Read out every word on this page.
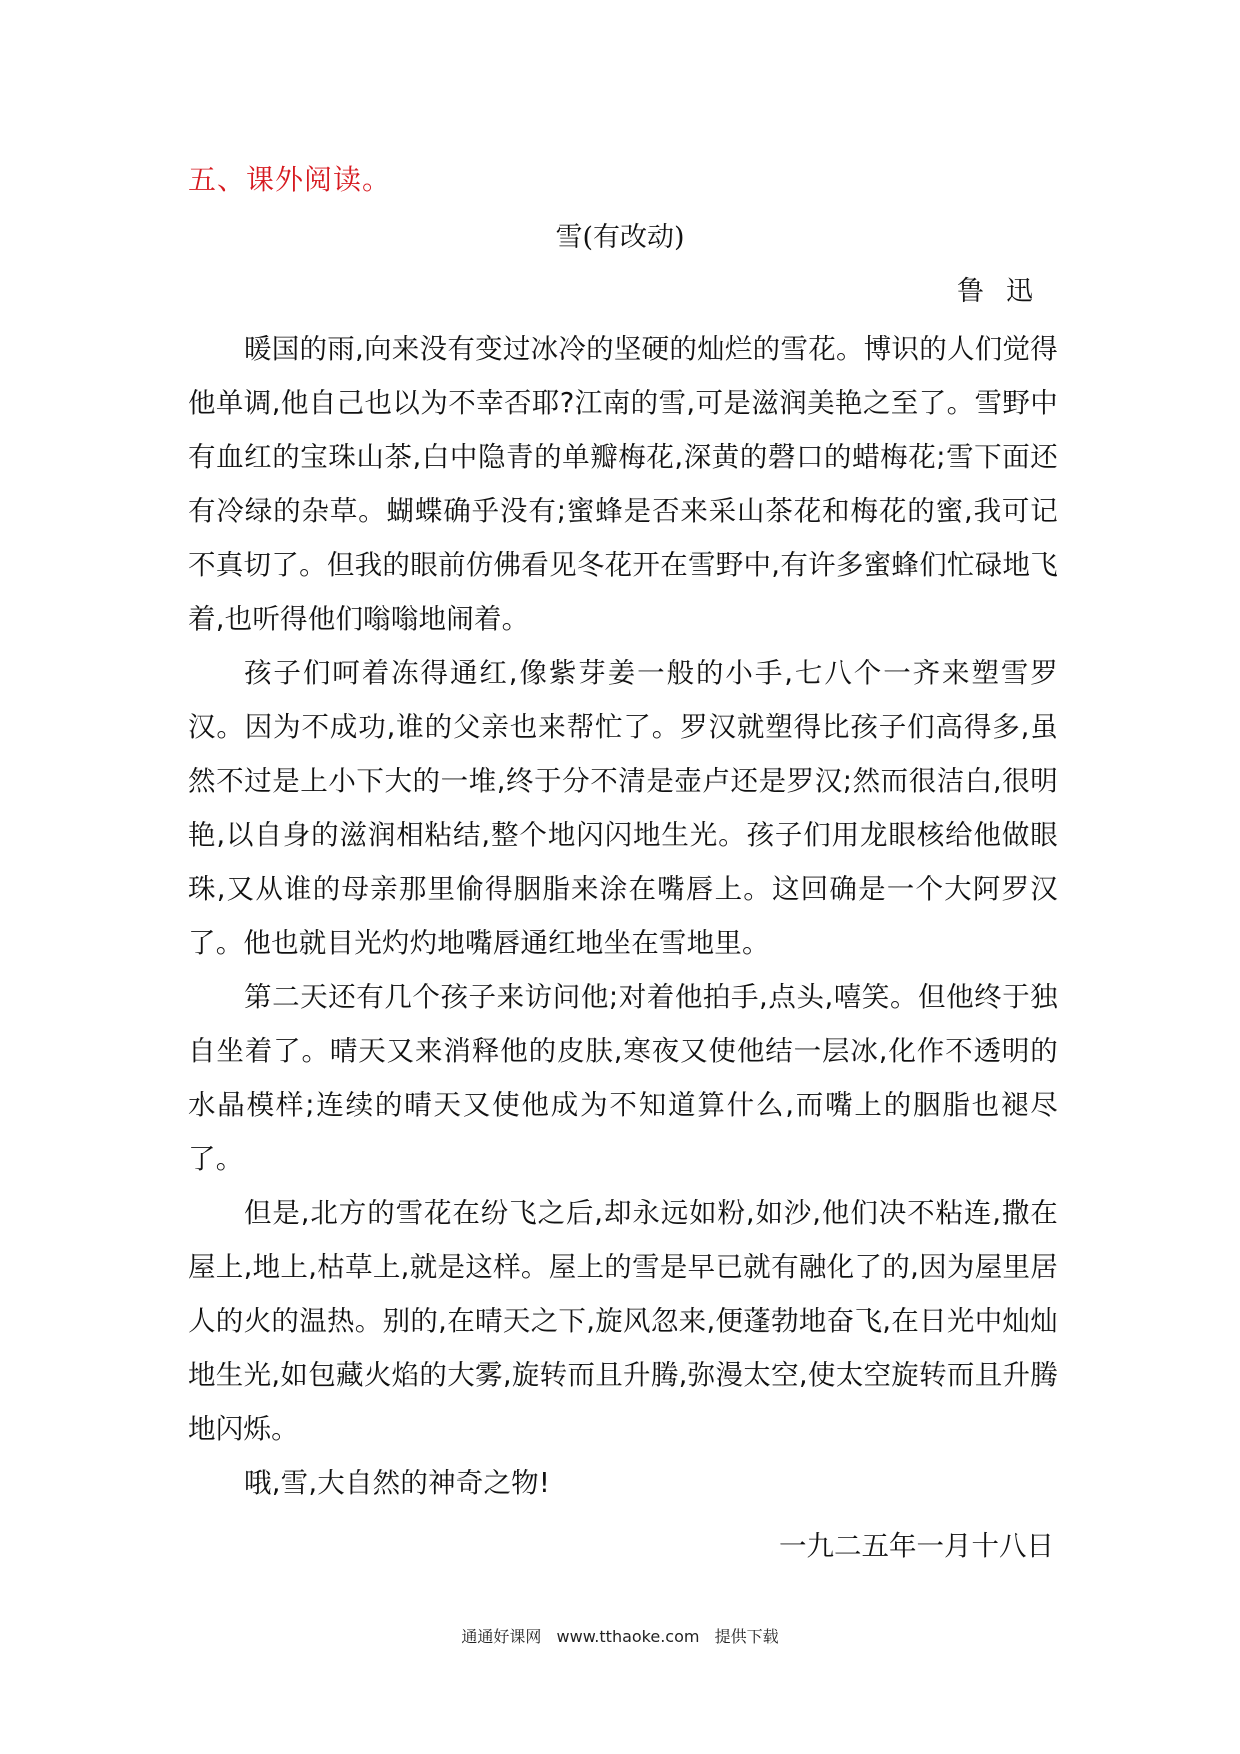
五、课外阅读。
雪(有改动)
鲁迅

暖国的雨,向来没有变过冰冷的坚硬的灿烂的雪花。博识的人们觉得他单调,他自己也以为不幸否耶?江南的雪,可是滋润美艳之至了。雪野中有血红的宝珠山茶,白中隐青的单瓣梅花,深黄的磬口的蜡梅花;雪下面还有冷绿的杂草。蝴蝶确乎没有;蜜蜂是否来采山茶花和梅花的蜜,我可记不真切了。但我的眼前仿佛看见冬花开在雪野中,有许多蜜蜂们忙碌地飞着,也听得他们嗡嗡地闹着。

孩子们呵着冻得通红,像紫芽姜一般的小手,七八个一齐来塑雪罗汉。因为不成功,谁的父亲也来帮忙了。罗汉就塑得比孩子们高得多,虽然不过是上小下大的一堆,终于分不清是壶卢还是罗汉;然而很洁白,很明艳,以自身的滋润相粘结,整个地闪闪地生光。孩子们用龙眼核给他做眼珠,又从谁的母亲那里偷得胭脂来涂在嘴唇上。这回确是一个大阿罗汉了。他也就目光灼灼地嘴唇通红地坐在雪地里。

第二天还有几个孩子来访问他;对着他拍手,点头,嘻笑。但他终于独自坐着了。晴天又来消释他的皮肤,寒夜又使他结一层冰,化作不透明的水晶模样;连续的晴天又使他成为不知道算什么,而嘴上的胭脂也褪尽了。

但是,北方的雪花在纷飞之后,却永远如粉,如沙,他们决不粘连,撒在屋上,地上,枯草上,就是这样。屋上的雪是早已就有融化了的,因为屋里居人的火的温热。别的,在晴天之下,旋风忽来,便蓬勃地奋飞,在日光中灿灿地生光,如包藏火焰的大雾,旋转而且升腾,弥漫太空,使太空旋转而且升腾地闪烁。

哦,雪,大自然的神奇之物!

一九二五年一月十八日
通通好课网 www.tthaoke.com 提供下载
